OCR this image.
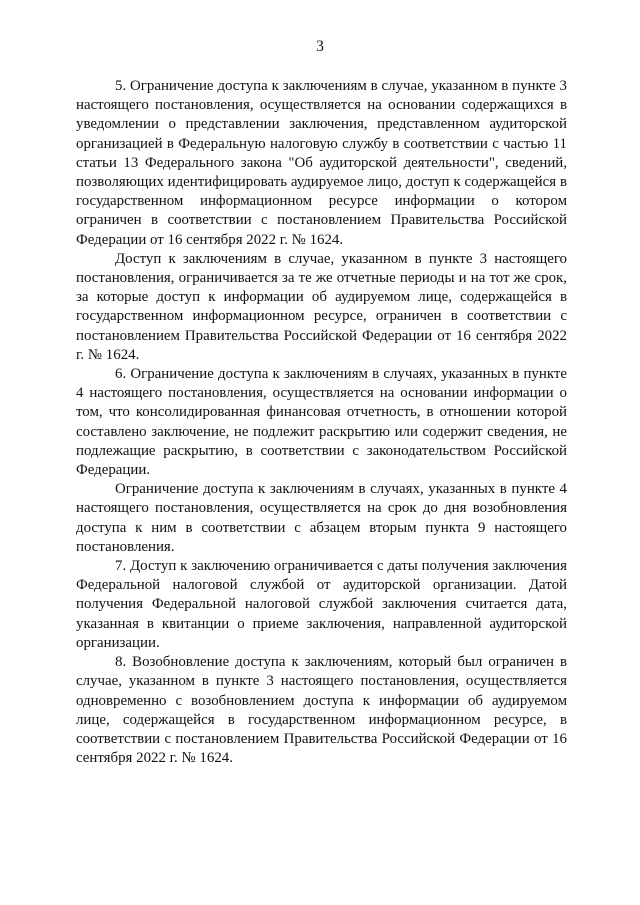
3

5. Ограничение доступа к заключениям в случае, указанном в пункте 3 настоящего постановления, осуществляется на основании содержащихся в уведомлении о представлении заключения, представленном аудиторской организацией в Федеральную налоговую службу в соответствии с частью 11 статьи 13 Федерального закона "Об аудиторской деятельности", сведений, позволяющих идентифицировать аудируемое лицо, доступ к содержащейся в государственном информационном ресурсе информации о котором ограничен в соответствии с постановлением Правительства Российской Федерации от 16 сентября 2022 г. № 1624.

Доступ к заключениям в случае, указанном в пункте 3 настоящего постановления, ограничивается за те же отчетные периоды и на тот же срок, за которые доступ к информации об аудируемом лице, содержащейся в государственном информационном ресурсе, ограничен в соответствии с постановлением Правительства Российской Федерации от 16 сентября 2022 г. № 1624.

6. Ограничение доступа к заключениям в случаях, указанных в пункте 4 настоящего постановления, осуществляется на основании информации о том, что консолидированная финансовая отчетность, в отношении которой составлено заключение, не подлежит раскрытию или содержит сведения, не подлежащие раскрытию, в соответствии с законодательством Российской Федерации.

Ограничение доступа к заключениям в случаях, указанных в пункте 4 настоящего постановления, осуществляется на срок до дня возобновления доступа к ним в соответствии с абзацем вторым пункта 9 настоящего постановления.

7. Доступ к заключению ограничивается с даты получения заключения Федеральной налоговой службой от аудиторской организации. Датой получения Федеральной налоговой службой заключения считается дата, указанная в квитанции о приеме заключения, направленной аудиторской организации.

8. Возобновление доступа к заключениям, который был ограничен в случае, указанном в пункте 3 настоящего постановления, осуществляется одновременно с возобновлением доступа к информации об аудируемом лице, содержащейся в государственном информационном ресурсе, в соответствии с постановлением Правительства Российской Федерации от 16 сентября 2022 г. № 1624.
